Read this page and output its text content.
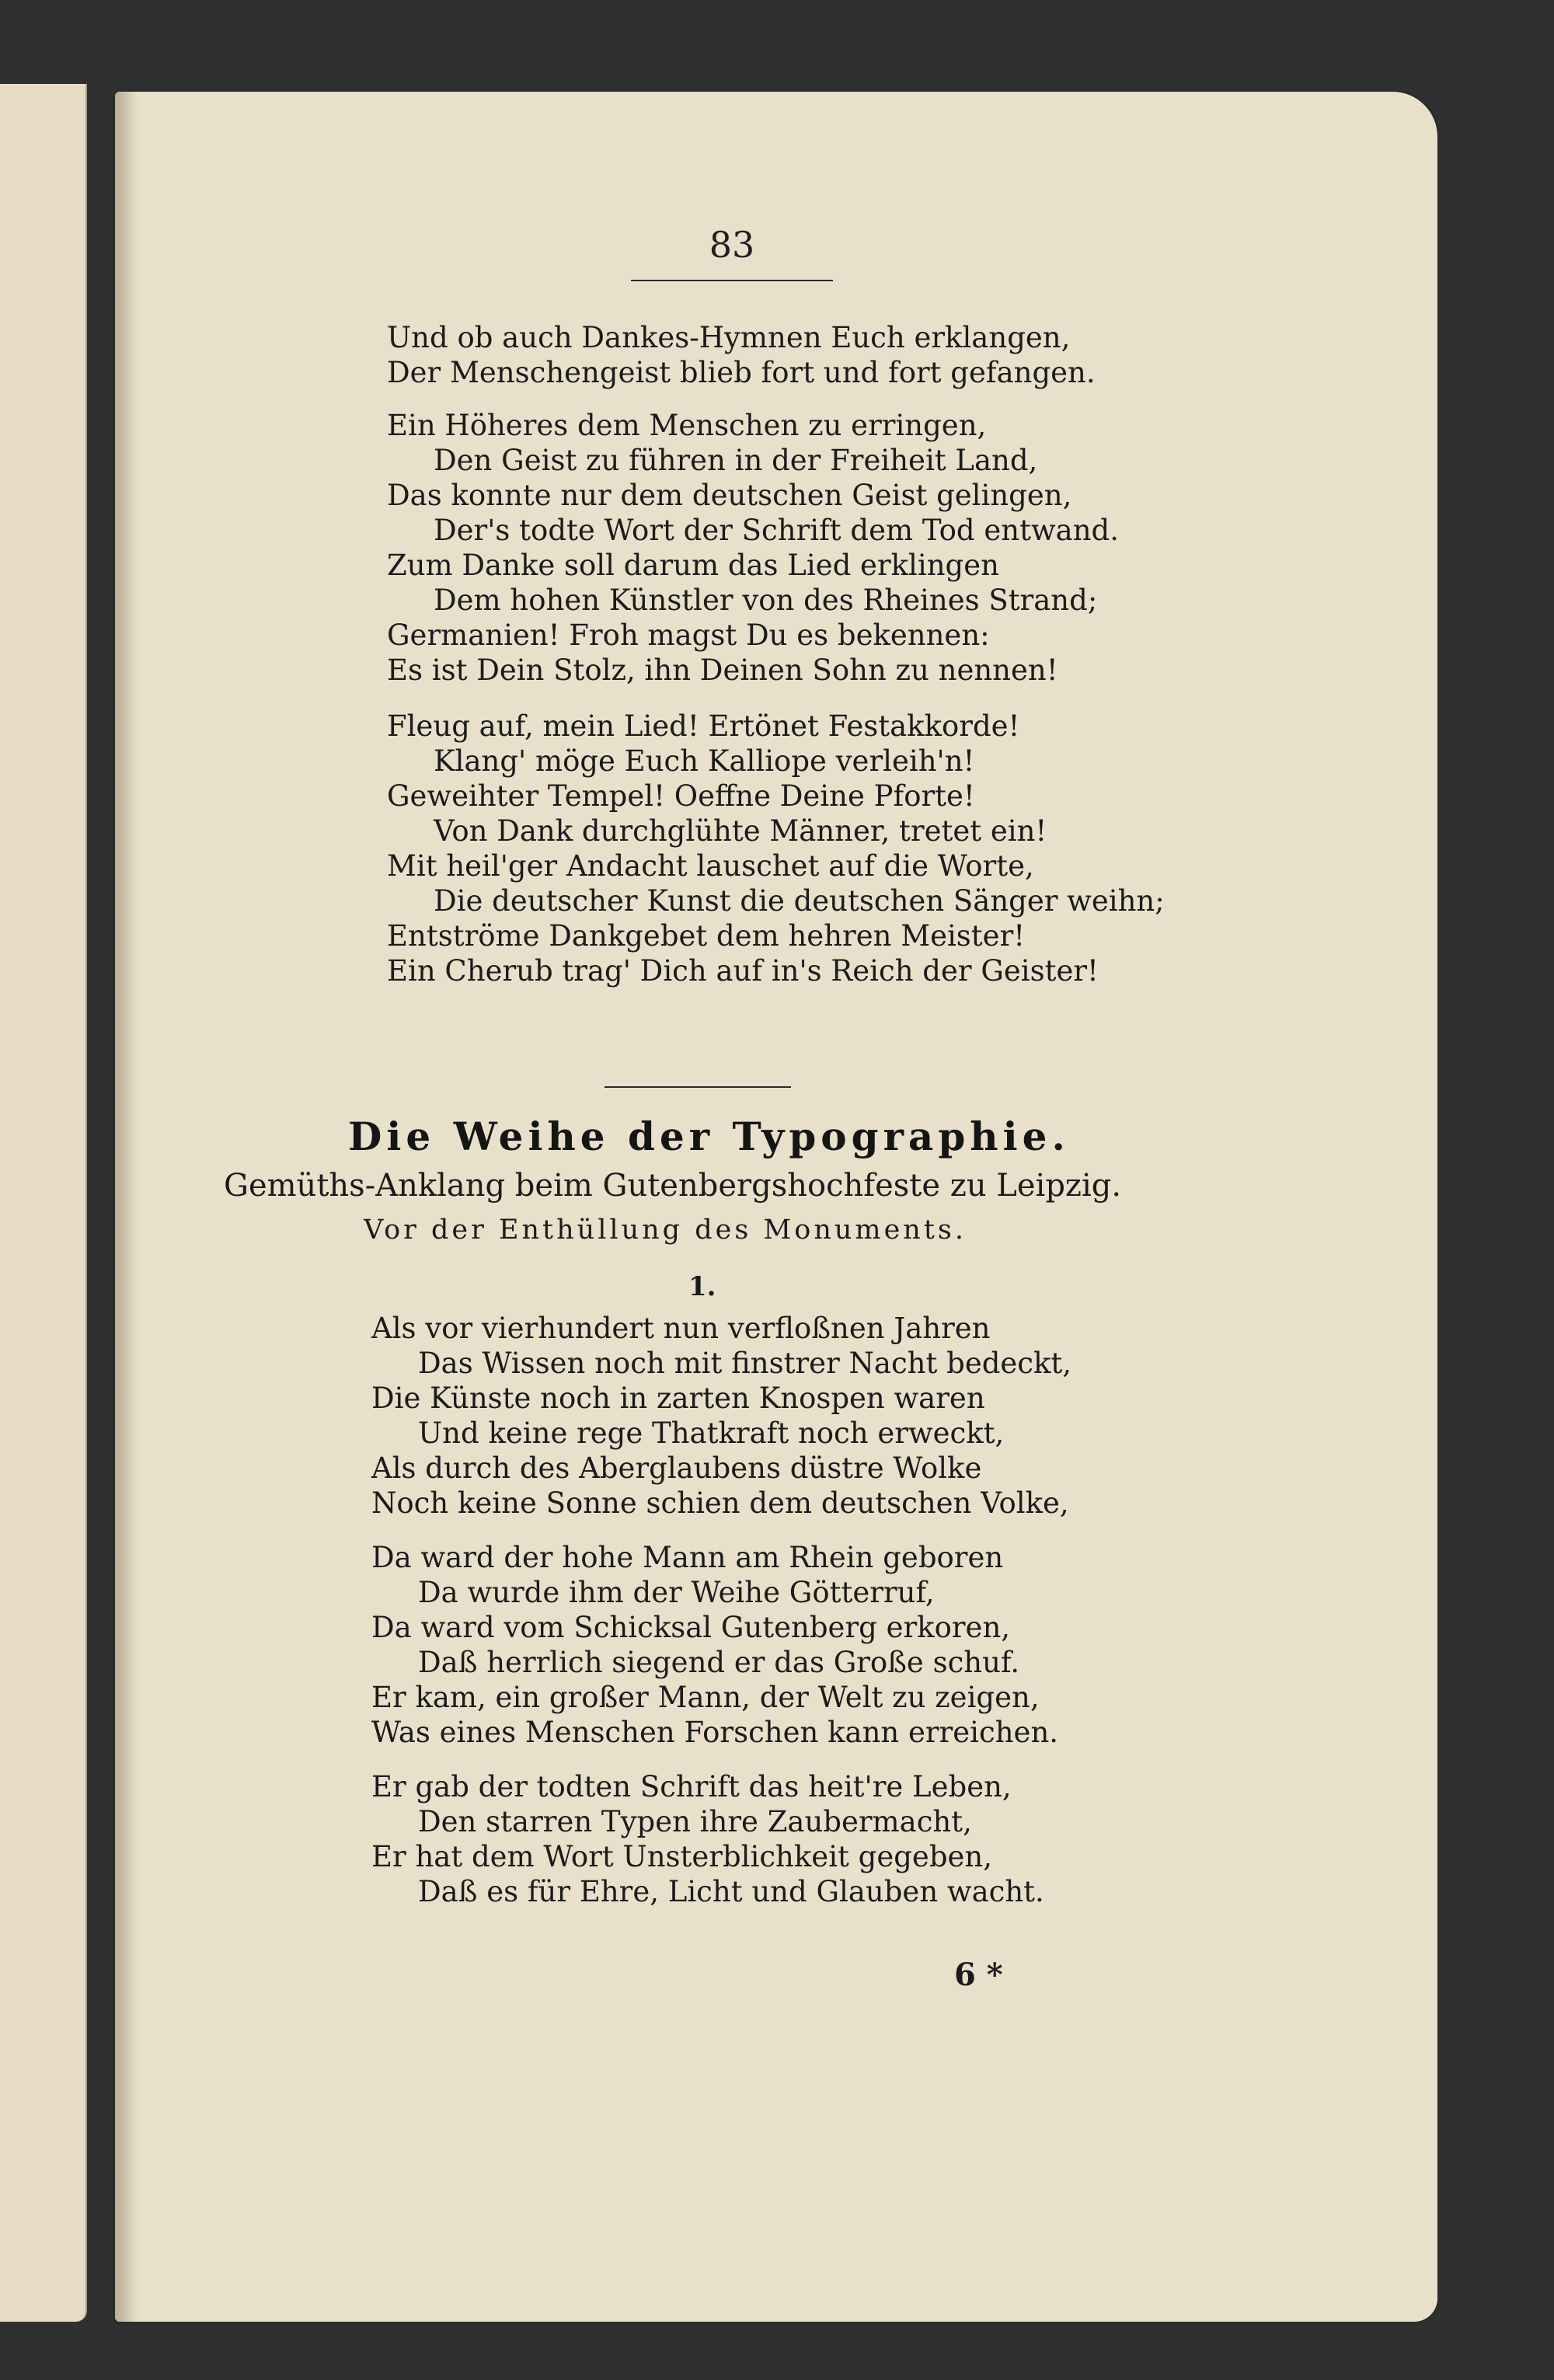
83
Und ob auch Dankes-Hymnen Euch erklangen,
Der Menschengeist blieb fort und fort gefangen.
Ein Höheres dem Menschen zu erringen,
Den Geist zu führen in der Freiheit Land,
Das konnte nur dem deutschen Geist gelingen,
Der's todte Wort der Schrift dem Tod entwand.
Zum Danke soll darum das Lied erklingen
Dem hohen Künstler von des Rheines Strand;
Germanien! Froh magst Du es bekennen:
Es ist Dein Stolz, ihn Deinen Sohn zu nennen!
Fleug auf, mein Lied! Ertönet Festakkorde!
Klang' möge Euch Kalliope verleih'n!
Geweihter Tempel! Oeffne Deine Pforte!
Von Dank durchglühte Männer, tretet ein!
Mit heil'ger Andacht lauschet auf die Worte,
Die deutscher Kunst die deutschen Sänger weihn;
Entströme Dankgebet dem hehren Meister!
Ein Cherub trag' Dich auf in's Reich der Geister!
Die Weihe der Typographie.
Gemüths-Anklang beim Gutenbergshochfeste zu Leipzig.
Vor der Enthüllung des Monuments.
1.
Als vor vierhundert nun verfloßnen Jahren
Das Wissen noch mit finstrer Nacht bedeckt,
Die Künste noch in zarten Knospen waren
Und keine rege Thatkraft noch erweckt,
Als durch des Aberglaubens düstre Wolke
Noch keine Sonne schien dem deutschen Volke,
Da ward der hohe Mann am Rhein geboren
Da wurde ihm der Weihe Götterruf,
Da ward vom Schicksal Gutenberg erkoren,
Daß herrlich siegend er das Große schuf.
Er kam, ein großer Mann, der Welt zu zeigen,
Was eines Menschen Forschen kann erreichen.
Er gab der todten Schrift das heit're Leben,
Den starren Typen ihre Zaubermacht,
Er hat dem Wort Unsterblichkeit gegeben,
Daß es für Ehre, Licht und Glauben wacht.
6 *
